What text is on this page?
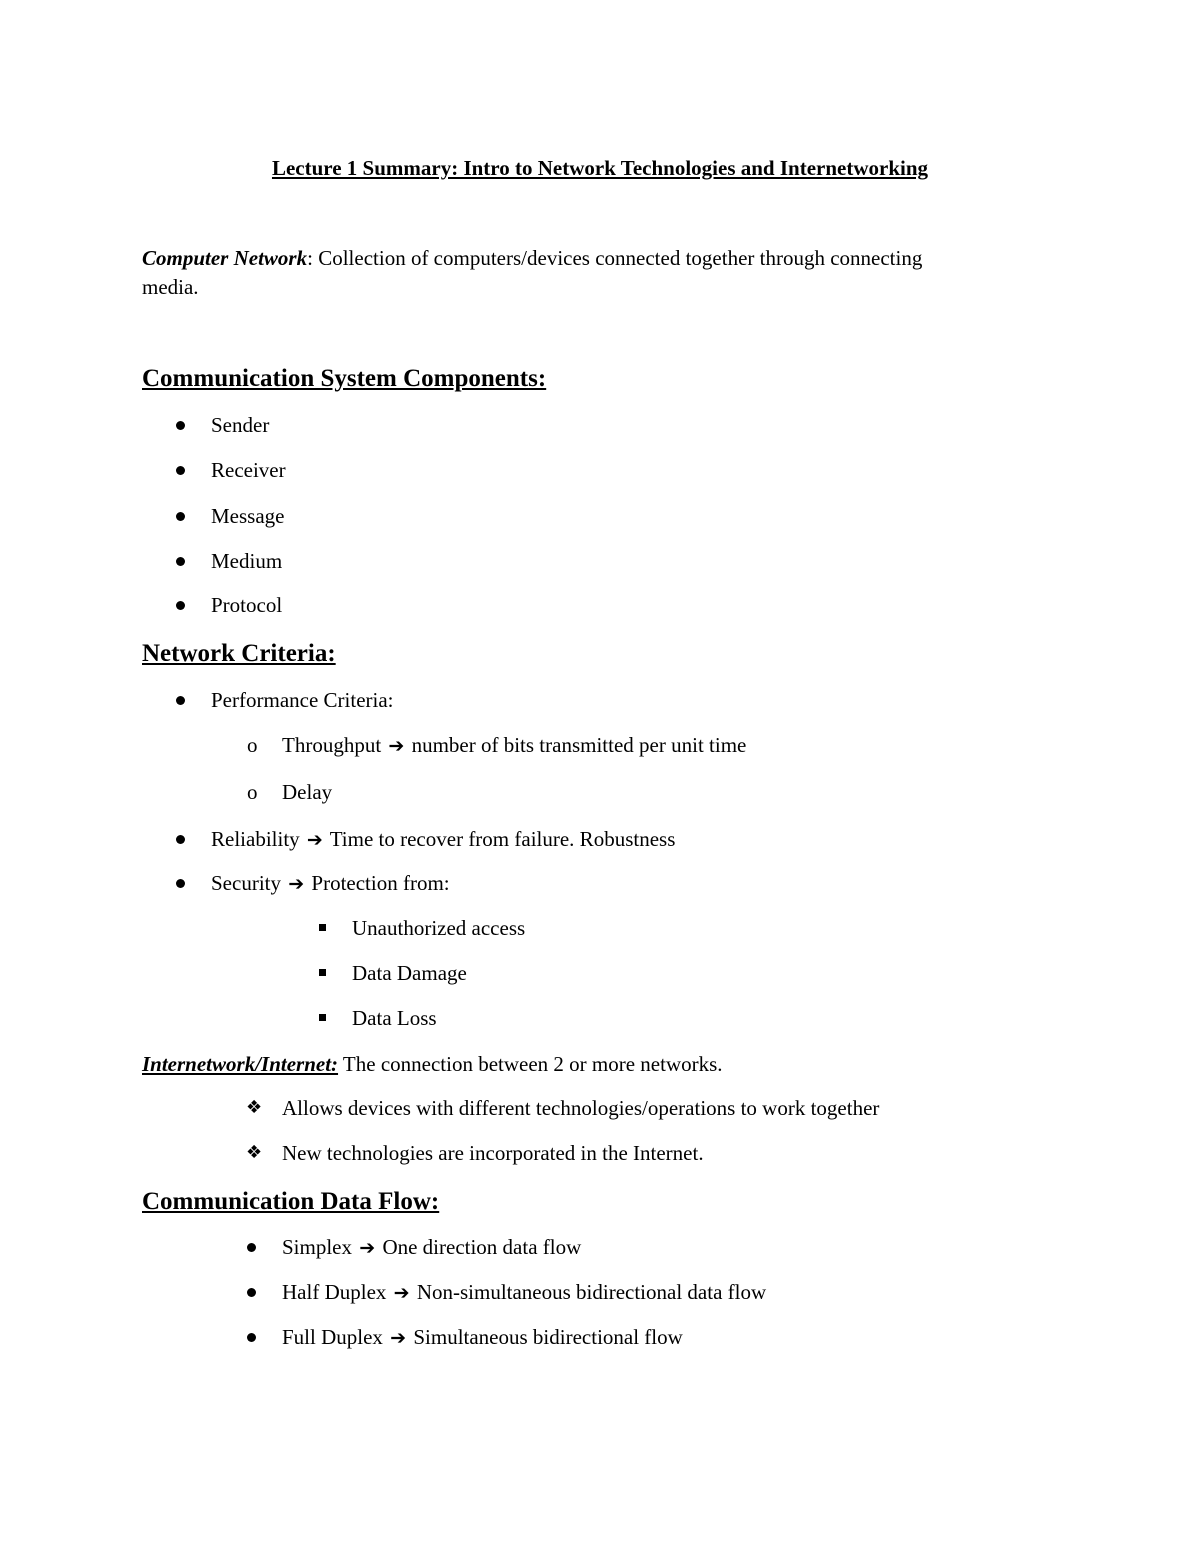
Lecture 1 Summary: Intro to Network Technologies and Internetworking
Computer Network: Collection of computers/devices connected together through connecting
media.
Communication System Components:
Sender
Receiver
Message
Medium
Protocol
Network Criteria:
Performance Criteria:
o Throughput ➔ number of bits transmitted per unit time
o Delay
Reliability ➔ Time to recover from failure. Robustness
Security ➔ Protection from:
Unauthorized access
Data Damage
Data Loss
Internetwork/Internet: The connection between 2 or more networks.
❖ Allows devices with different technologies/operations to work together
❖ New technologies are incorporated in the Internet.
Communication Data Flow:
Simplex ➔ One direction data flow
Half Duplex ➔ Non-simultaneous bidirectional data flow
Full Duplex ➔ Simultaneous bidirectional flow
